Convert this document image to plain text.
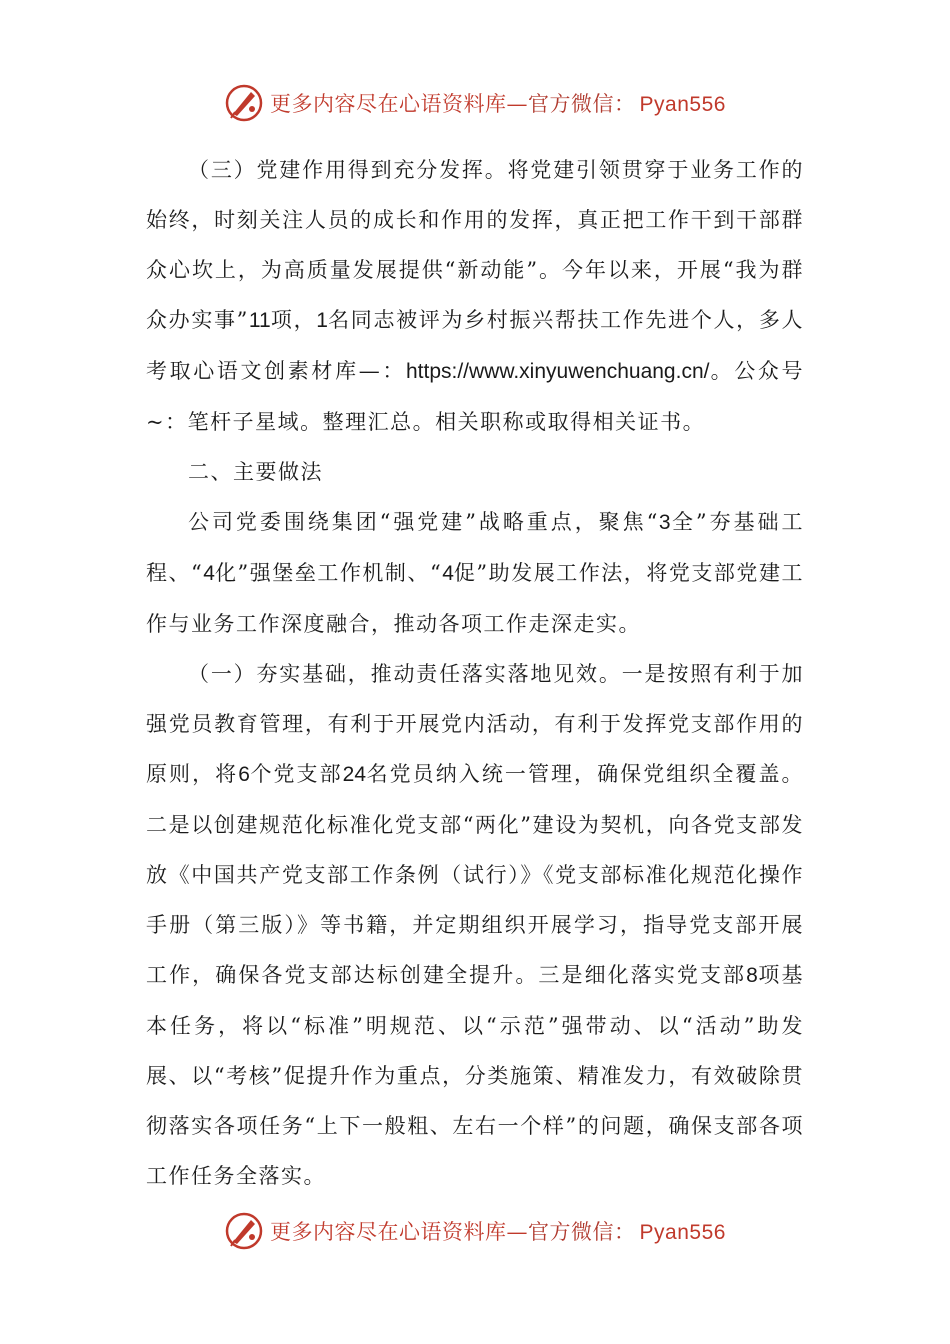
更多内容尽在心语资料库—官方微信： Pyan556

（三）党建作用得到充分发挥。将党建引领贯穿于业务工作的始终，时刻关注人员的成长和作用的发挥，真正把工作干到干部群众心坎上，为高质量发展提供“新动能”。今年以来，开展“我为群众办实事”11项，1名同志被评为乡村振兴帮扶工作先进个人，多人考取心语文创素材库—：https://www.xinyuwenchuang.cn/。公众号~：笔杆子星域。整理汇总。相关职称或取得相关证书。

二、主要做法

公司党委围绕集团“强党建”战略重点，聚焦“3全”夯基础工程、“4化”强堡垒工作机制、“4促”助发展工作法，将党支部党建工作与业务工作深度融合，推动各项工作走深走实。

（一）夯实基础，推动责任落实落地见效。一是按照有利于加强党员教育管理，有利于开展党内活动，有利于发挥党支部作用的原则，将6个党支部24名党员纳入统一管理，确保党组织全覆盖。二是以创建规范化标准化党支部“两化”建设为契机，向各党支部发放《中国共产党支部工作条例（试行）》《党支部标准化规范化操作手册（第三版）》等书籍，并定期组织开展学习，指导党支部开展工作，确保各党支部达标创建全提升。三是细化落实党支部8项基本任务，将以“标准”明规范、以“示范”强带动、以“活动”助发展、以“考核”促提升作为重点，分类施策、精准发力，有效破除贯彻落实各项任务“上下一般粗、左右一个样”的问题，确保支部各项工作任务全落实。

更多内容尽在心语资料库—官方微信： Pyan556
